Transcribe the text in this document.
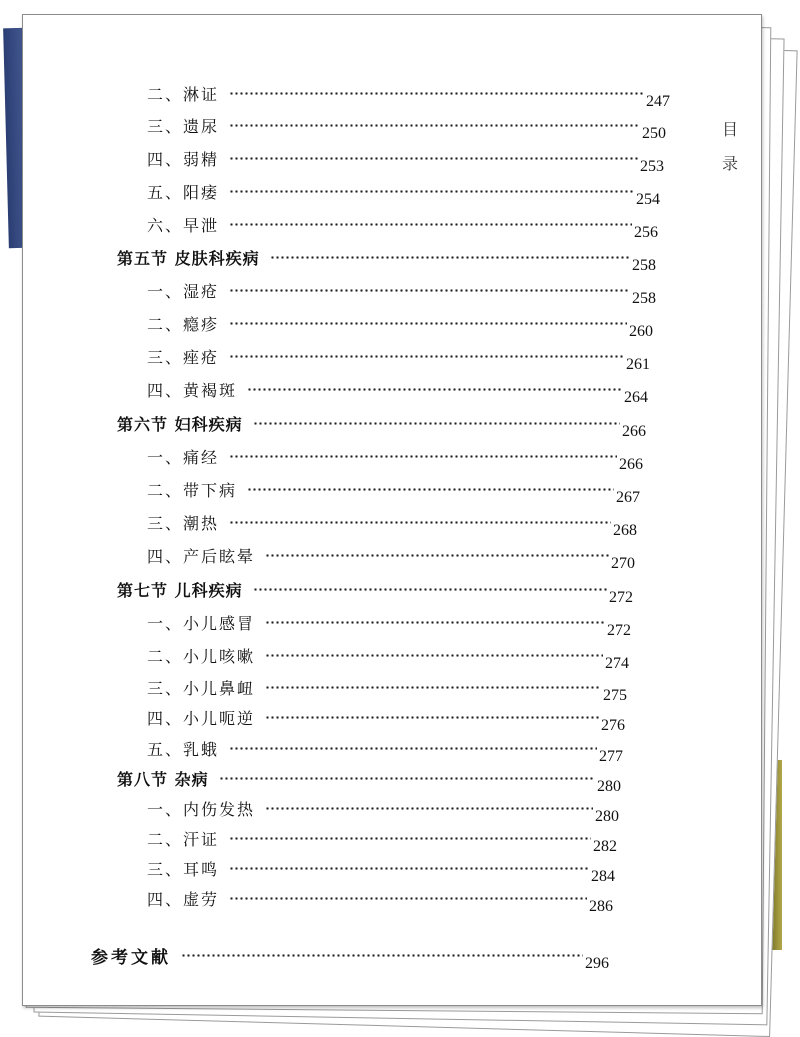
目 录
二、淋证	247
三、遗尿	250
四、弱精	253
五、阳痿	254
六、早泄	256
第五节 皮肤科疾病	258
一、湿疮	258
二、瘾疹	260
三、痤疮	261
四、黄褐斑	264
第六节 妇科疾病	266
一、痛经	266
二、带下病	267
三、潮热	268
四、产后眩晕	270
第七节 儿科疾病	272
一、小儿感冒	272
二、小儿咳嗽	274
三、小儿鼻衄	275
四、小儿呃逆	276
五、乳蛾	277
第八节 杂病	280
一、内伤发热	280
二、汗证	282
三、耳鸣	284
四、虚劳	286
参考文献	296
